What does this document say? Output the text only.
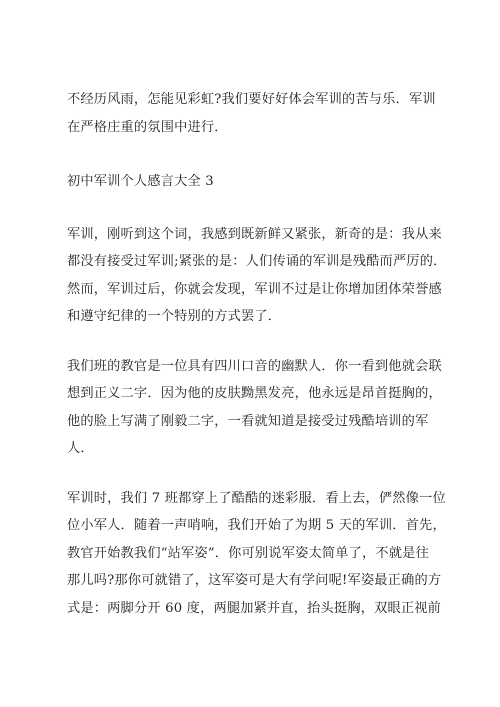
不经历风雨，怎能见彩虹?我们要好好体会军训的苦与乐．军训
在严格庄重的氛围中进行．
初中军训个人感言大全 3
军训，刚听到这个词，我感到既新鲜又紧张，新奇的是：我从来
都没有接受过军训;紧张的是：人们传诵的军训是残酷而严厉的．
然而，军训过后，你就会发现，军训不过是让你增加团体荣誉感
和遵守纪律的一个特别的方式罢了．
我们班的教官是一位具有四川口音的幽默人．你一看到他就会联
想到正义二字．因为他的皮肤黝黑发亮，他永远是昂首挺胸的，
他的脸上写满了刚毅二字，一看就知道是接受过残酷培训的军
人．
军训时，我们 7 班都穿上了酷酷的迷彩服．看上去，俨然像一位
位小军人．随着一声哨响，我们开始了为期 5 天的军训．首先，
教官开始教我们“站军姿”．你可别说军姿太简单了，不就是往
那儿吗?那你可就错了，这军姿可是大有学问呢!军姿最正确的方
式是：两脚分开 60 度，两腿加紧并直，抬头挺胸，双眼正视前
